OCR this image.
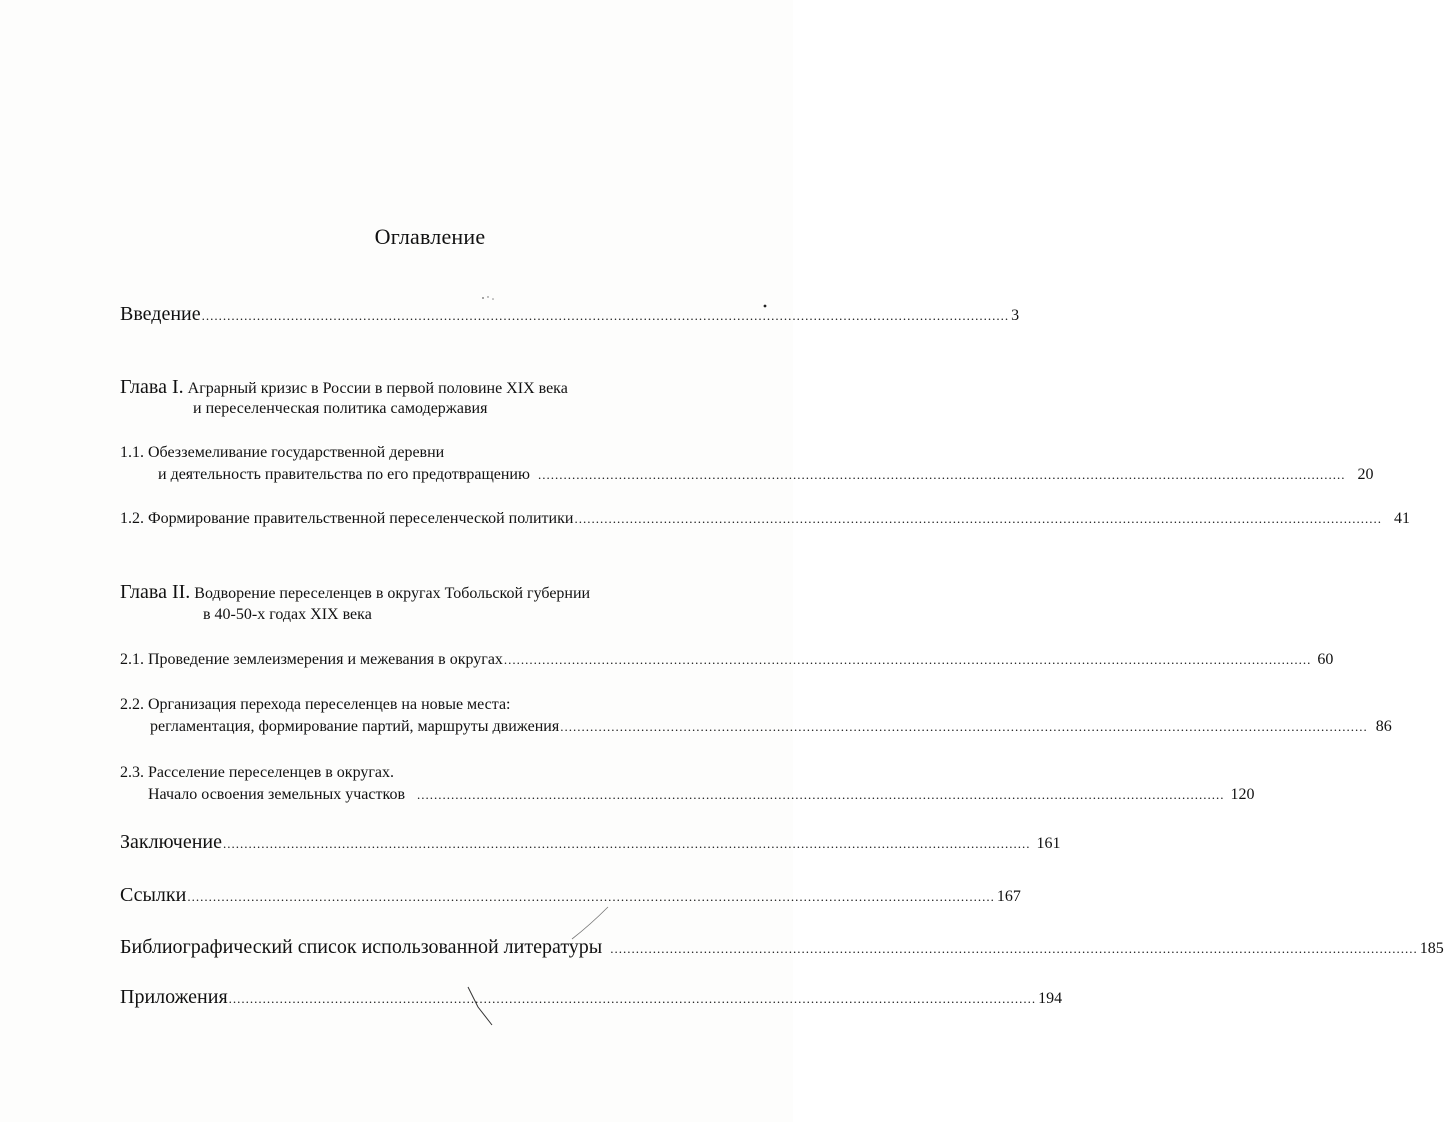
Оглавление
Введение .............................................................................................................................................................................................. 3
Глава I. Аграрный кризис в России в первой половине XIX века
и переселенческая политика самодержавия
1.1. Обезземеливание государственной деревни
и деятельность правительства по его предотвращению .............................................................................................................................................................................................. 20
1.2. Формирование правительственной переселенческой политики .............................................................................................................................................................................................. 41
Глава II. Водворение переселенцев в округах Тобольской губернии
в 40-50-х годах XIX века
2.1. Проведение землеизмерения и межевания в округах .............................................................................................................................................................................................. 60
2.2. Организация перехода переселенцев на новые места:
регламентация, формирование партий, маршруты движения .............................................................................................................................................................................................. 86
2.3. Расселение переселенцев в округах.
Начало освоения земельных участков .............................................................................................................................................................................................. 120
Заключение .............................................................................................................................................................................................. 161
Ссылки .............................................................................................................................................................................................. 167
Библиографический список использованной литературы .............................................................................................................................................................................................. 185
Приложения .............................................................................................................................................................................................. 194
